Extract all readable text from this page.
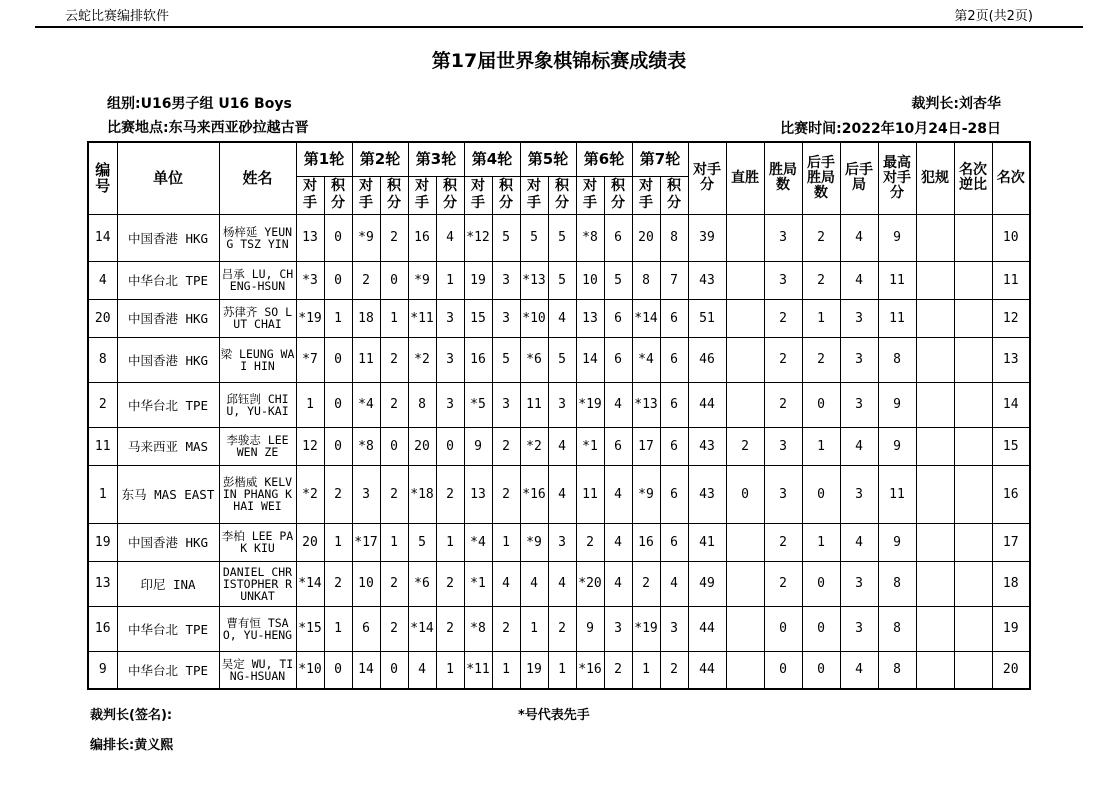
云蛇比赛编排软件	第2页(共2页)
第17届世界象棋锦标赛成绩表
组别:U16男子组 U16 Boys
比赛地点:东马来西亚砂拉越古晋
裁判长:刘杏华
比赛时间:2022年10月24日-28日
编号	单位	姓名	第1轮		第2轮		第3轮		第4轮		第5轮		第6轮		第7轮		对手分	直胜	胜局数	后手胜局数	后手局	最高对手分	犯规	名次逆比	名次
			对手	积分	对手	积分	对手	积分	对手	积分	对手	积分	对手	积分	对手	积分									
14	中国香港 HKG	杨梓延 YEUNG TSZ YIN	13	0	*9	2	16	4	*12	5	5	5	*8	6	20	8	39		3	2	4	9			10
4	中华台北 TPE	吕承 LU, CHENG-HSUN	*3	0	2	0	*9	1	19	3	*13	5	10	5	8	7	43		3	2	4	11			11
20	中国香港 HKG	苏律齐 SO LUT CHAI	*19	1	18	1	*11	3	15	3	*10	4	13	6	*14	6	51		2	1	3	11			12
8	中国香港 HKG	梁 LEUNG WAI HIN	*7	0	11	2	*2	3	16	5	*6	5	14	6	*4	6	46		2	2	3	8			13
2	中华台北 TPE	邱钰剀 CHIU, YU-KAI	1	0	*4	2	8	3	*5	3	11	3	*19	4	*13	6	44		2	0	3	9			14
11	马来西亚 MAS	李骏志 LEE WEN ZE	12	0	*8	0	20	0	9	2	*2	4	*1	6	17	6	43	2	3	1	4	9			15
1	东马 MAS EAST	彭楷威 KELVIN PHANG KHAI WEI	*2	2	3	2	*18	2	13	2	*16	4	11	4	*9	6	43	0	3	0	3	11			16
19	中国香港 HKG	李柏 LEE PAK KIU	20	1	*17	1	5	1	*4	1	*9	3	2	4	16	6	41		2	1	4	9			17
13	印尼 INA	DANIEL CHRISTOPHER RUNKAT	*14	2	10	2	*6	2	*1	4	4	4	*20	4	2	4	49		2	0	3	8			18
16	中华台北 TPE	曹有恒 TSAO, YU-HENG	*15	1	6	2	*14	2	*8	2	1	2	9	3	*19	3	44		0	0	3	8			19
9	中华台北 TPE	吴定 WU, TING-HSUAN	*10	0	14	0	4	1	*11	1	19	1	*16	2	1	2	44		0	0	4	8			20
裁判长(签名):	*号代表先手
编排长:黄义熙
